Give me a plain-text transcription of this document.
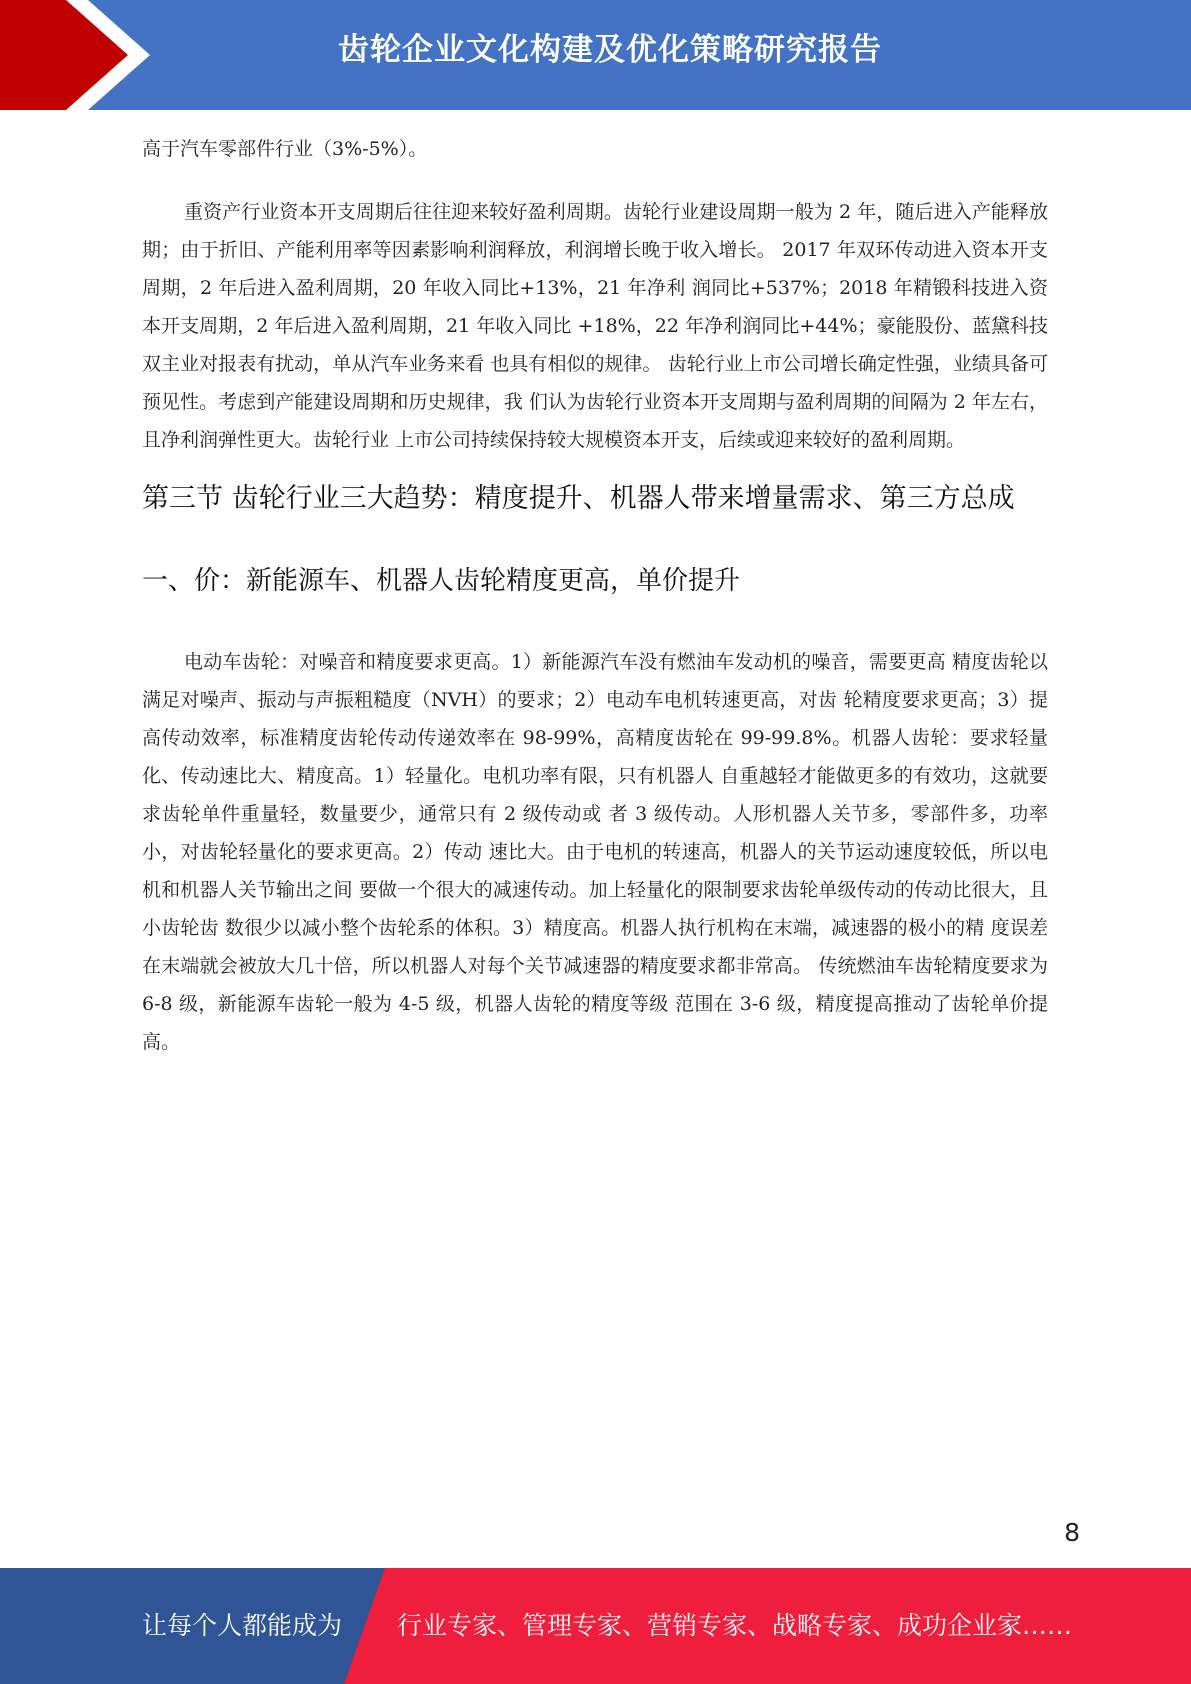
齿轮企业文化构建及优化策略研究报告

高于汽车零部件行业（3%-5%）。

重资产行业资本开支周期后往往迎来较好盈利周期。齿轮行业建设周期一般为 2 年，随后进入产能释放期；由于折旧、产能利用率等因素影响利润释放，利润增长晚于收入增长。 2017 年双环传动进入资本开支周期，2 年后进入盈利周期，20 年收入同比+13%，21 年净利 润同比+537%；2018 年精锻科技进入资本开支周期，2 年后进入盈利周期，21 年收入同比 +18%，22 年净利润同比+44%；豪能股份、蓝黛科技双主业对报表有扰动，单从汽车业务来看 也具有相似的规律。 齿轮行业上市公司增长确定性强，业绩具备可预见性。考虑到产能建设周期和历史规律，我 们认为齿轮行业资本开支周期与盈利周期的间隔为 2 年左右，且净利润弹性更大。齿轮行业 上市公司持续保持较大规模资本开支，后续或迎来较好的盈利周期。

第三节 齿轮行业三大趋势：精度提升、机器人带来增量需求、第三方总成
一、价：新能源车、机器人齿轮精度更高，单价提升

电动车齿轮：对噪音和精度要求更高。1）新能源汽车没有燃油车发动机的噪音，需要更高 精度齿轮以满足对噪声、振动与声振粗糙度（NVH）的要求；2）电动车电机转速更高，对齿 轮精度要求更高；3）提高传动效率，标准精度齿轮传动传递效率在 98-99%，高精度齿轮在 99-99.8%。机器人齿轮：要求轻量化、传动速比大、精度高。1）轻量化。电机功率有限，只有机器人 自重越轻才能做更多的有效功，这就要求齿轮单件重量轻，数量要少，通常只有 2 级传动或 者 3 级传动。人形机器人关节多，零部件多，功率小，对齿轮轻量化的要求更高。2）传动 速比大。由于电机的转速高，机器人的关节运动速度较低，所以电机和机器人关节输出之间 要做一个很大的减速传动。加上轻量化的限制要求齿轮单级传动的传动比很大，且小齿轮齿 数很少以减小整个齿轮系的体积。3）精度高。机器人执行机构在末端，减速器的极小的精 度误差在末端就会被放大几十倍，所以机器人对每个关节减速器的精度要求都非常高。 传统燃油车齿轮精度要求为 6-8 级，新能源车齿轮一般为 4-5 级，机器人齿轮的精度等级 范围在 3-6 级，精度提高推动了齿轮单价提高。

8
让每个人都能成为 行业专家、管理专家、营销专家、战略专家、成功企业家……
